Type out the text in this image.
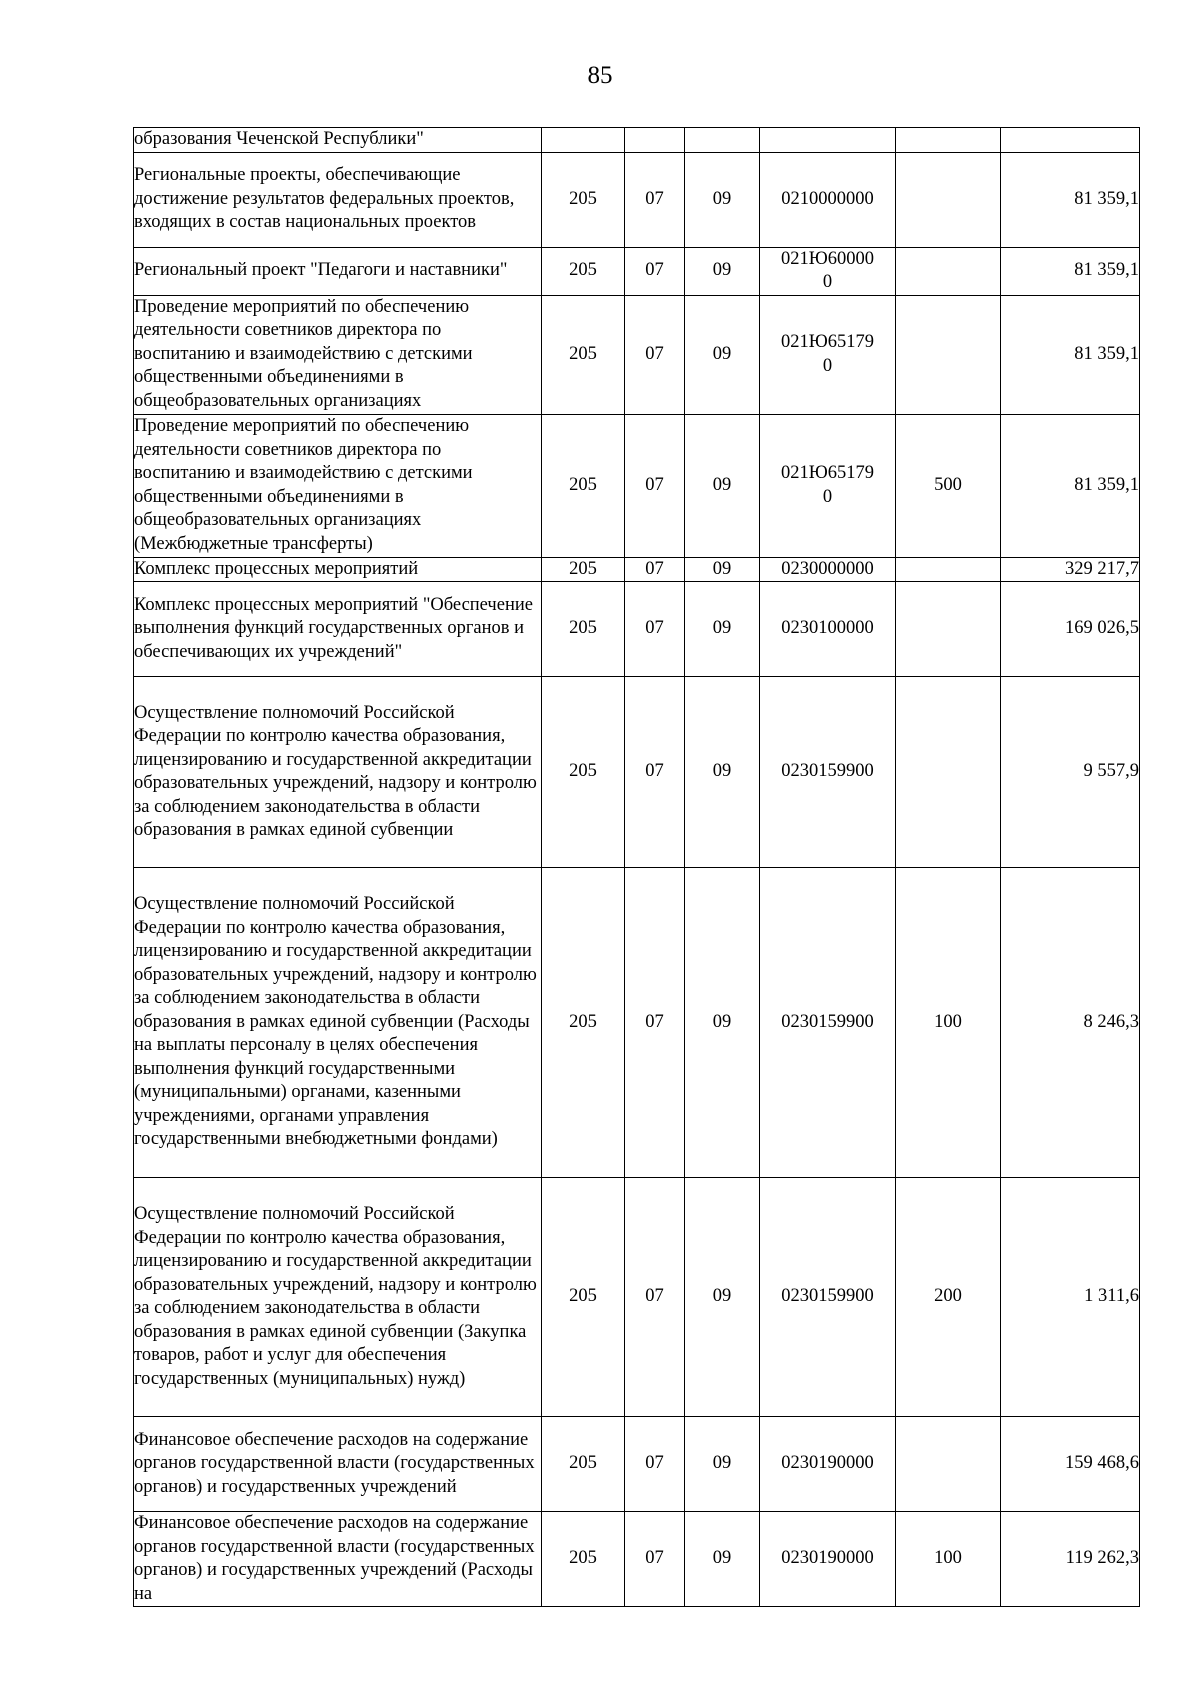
85
образования Чеченской Республики"						
Региональные проекты, обеспечивающие достижение результатов федеральных проектов, входящих в состав национальных проектов	205	07	09	0210000000		81 359,1
Региональный проект "Педагоги и наставники"	205	07	09	021Ю600000		81 359,1
Проведение мероприятий по обеспечению деятельности советников директора по воспитанию и взаимодействию с детскими общественными объединениями в общеобразовательных организациях	205	07	09	021Ю651790		81 359,1
Проведение мероприятий по обеспечению деятельности советников директора по воспитанию и взаимодействию с детскими общественными объединениями в общеобразовательных организациях (Межбюджетные трансферты)	205	07	09	021Ю651790	500	81 359,1
Комплекс процессных мероприятий	205	07	09	0230000000		329 217,7
Комплекс процессных мероприятий "Обеспечение выполнения функций государственных органов и обеспечивающих их учреждений"	205	07	09	0230100000		169 026,5
Осуществление полномочий Российской Федерации по контролю качества образования, лицензированию и государственной аккредитации образовательных учреждений, надзору и контролю за соблюдением законодательства в области образования в рамках единой субвенции	205	07	09	0230159900		9 557,9
Осуществление полномочий Российской Федерации по контролю качества образования, лицензированию и государственной аккредитации образовательных учреждений, надзору и контролю за соблюдением законодательства в области образования в рамках единой субвенции (Расходы на выплаты персоналу в целях обеспечения выполнения функций государственными (муниципальными) органами, казенными учреждениями, органами управления государственными внебюджетными фондами)	205	07	09	0230159900	100	8 246,3
Осуществление полномочий Российской Федерации по контролю качества образования, лицензированию и государственной аккредитации образовательных учреждений, надзору и контролю за соблюдением законодательства в области образования в рамках единой субвенции (Закупка товаров, работ и услуг для обеспечения государственных (муниципальных) нужд)	205	07	09	0230159900	200	1 311,6
Финансовое обеспечение расходов на содержание органов государственной власти (государственных органов) и государственных учреждений	205	07	09	0230190000		159 468,6
Финансовое обеспечение расходов на содержание органов государственной власти (государственных органов) и государственных учреждений (Расходы на	205	07	09	0230190000	100	119 262,3
